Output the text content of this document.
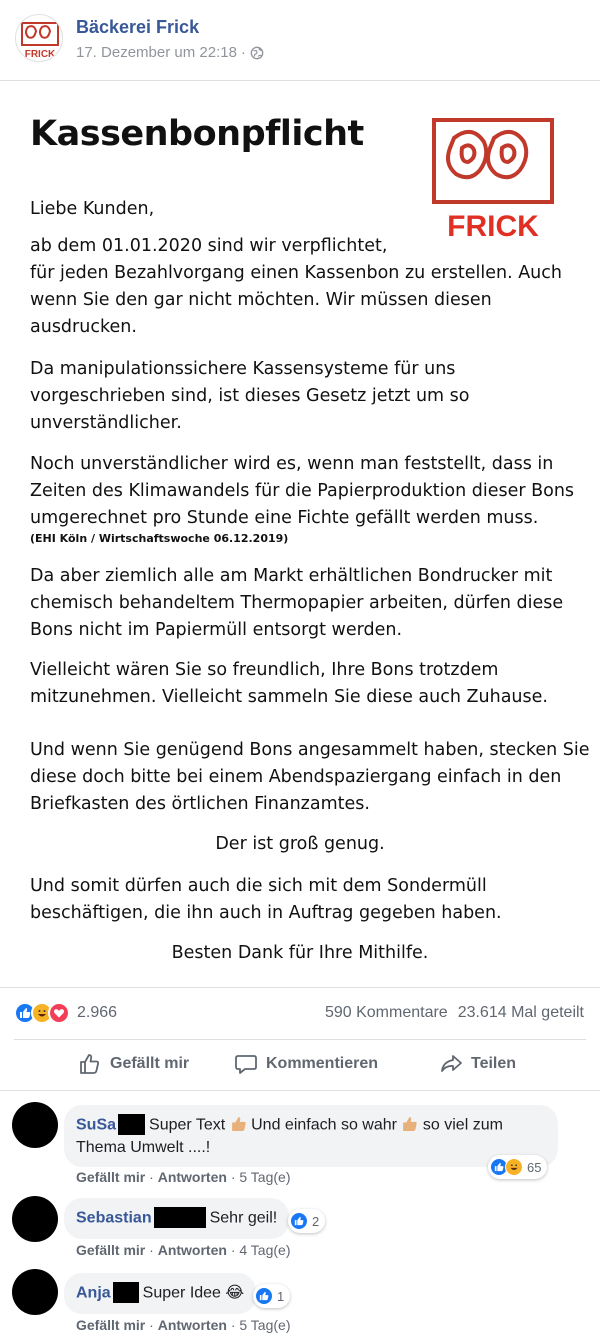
FRICK
Bäckerei Frick
17. Dezember um 22:18 ·
Kassenbonpflicht
FRICK
Liebe Kunden,
ab dem 01.01.2020 sind wir verpflichtet,
für jeden Bezahlvorgang einen Kassenbon zu erstellen. Auch
wenn Sie den gar nicht möchten. Wir müssen diesen
ausdrucken.
Da manipulationssichere Kassensysteme für uns
vorgeschrieben sind, ist dieses Gesetz jetzt um so
unverständlicher.
Noch unverständlicher wird es, wenn man feststellt, dass in
Zeiten des Klimawandels für die Papierproduktion dieser Bons
umgerechnet pro Stunde eine Fichte gefällt werden muss.
(EHI Köln / Wirtschaftswoche 06.12.2019)
Da aber ziemlich alle am Markt erhältlichen Bondrucker mit
chemisch behandeltem Thermopapier arbeiten, dürfen diese
Bons nicht im Papiermüll entsorgt werden.
Vielleicht wären Sie so freundlich, Ihre Bons trotzdem
mitzunehmen. Vielleicht sammeln Sie diese auch Zuhause.
Und wenn Sie genügend Bons angesammelt haben, stecken Sie
diese doch bitte bei einem Abendspaziergang einfach in den
Briefkasten des örtlichen Finanzamtes.
Der ist groß genug.
Und somit dürfen auch die sich mit dem Sondermüll
beschäftigen, die ihn auch in Auftrag gegeben haben.
Besten Dank für Ihre Mithilfe.
2.966	590 Kommentare 23.614 Mal geteilt
Gefällt mir	Kommentieren	Teilen
SuSa Super Text Und einfach so wahr so viel zum
Thema Umwelt ....!
65
Gefällt mir · Antworten · 5 Tag(e)
Sebastian	Sehr geil!	2
Gefällt mir · Antworten · 4 Tag(e)
Anja Super Idee 😂	1
Gefällt mir · Antworten · 5 Tag(e)
